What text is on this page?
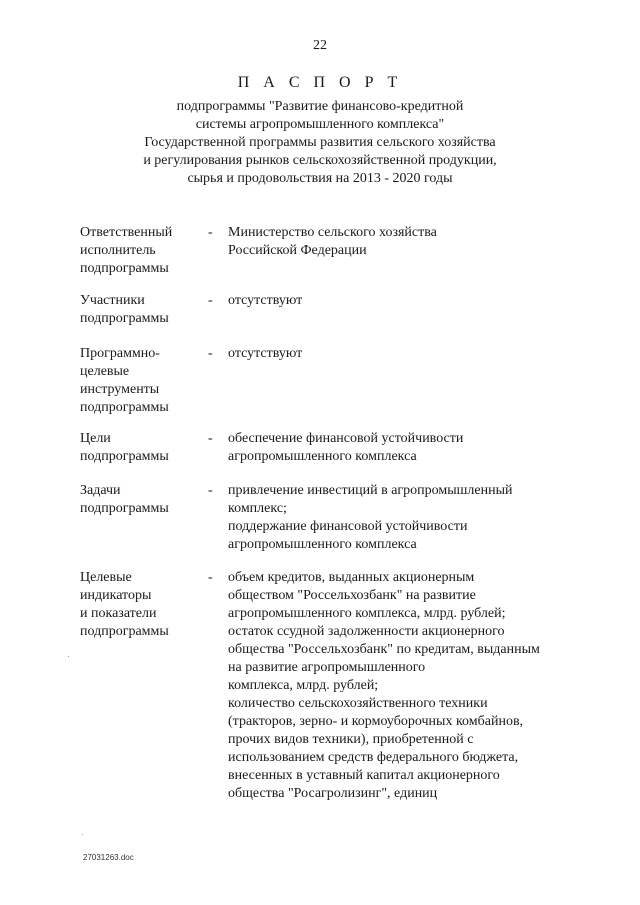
22
П А С П О Р Т
подпрограммы "Развитие финансово-кредитной
системы агропромышленного комплекса"
Государственной программы развития сельского хозяйства
и регулирования рынков сельскохозяйственной продукции,
сырья и продовольствия на 2013 - 2020 годы
Ответственный
исполнитель
подпрограммы
- Министерство сельского хозяйства
Российской Федерации
Участники
подпрограммы
- отсутствуют
Программно-
целевые
инструменты
подпрограммы
- отсутствуют
Цели
подпрограммы
- обеспечение финансовой устойчивости
агропромышленного комплекса
Задачи
подпрограммы
- привлечение инвестиций в агропромышленный
комплекс;
поддержание финансовой устойчивости
агропромышленного комплекса
Целевые
индикаторы
и показатели
подпрограммы
- объем кредитов, выданных акционерным
обществом "Россельхозбанк" на развитие
агропромышленного комплекса, млрд. рублей;
остаток ссудной задолженности акционерного
общества "Россельхозбанк" по кредитам, выданным
на развитие агропромышленного
комплекса, млрд. рублей;
количество сельскохозяйственного техники
(тракторов, зерно- и кормоуборочных комбайнов,
прочих видов техники), приобретенной с
использованием средств федерального бюджета,
внесенных в уставный капитал акционерного
общества "Росагролизинг", единиц
27031263.doc
